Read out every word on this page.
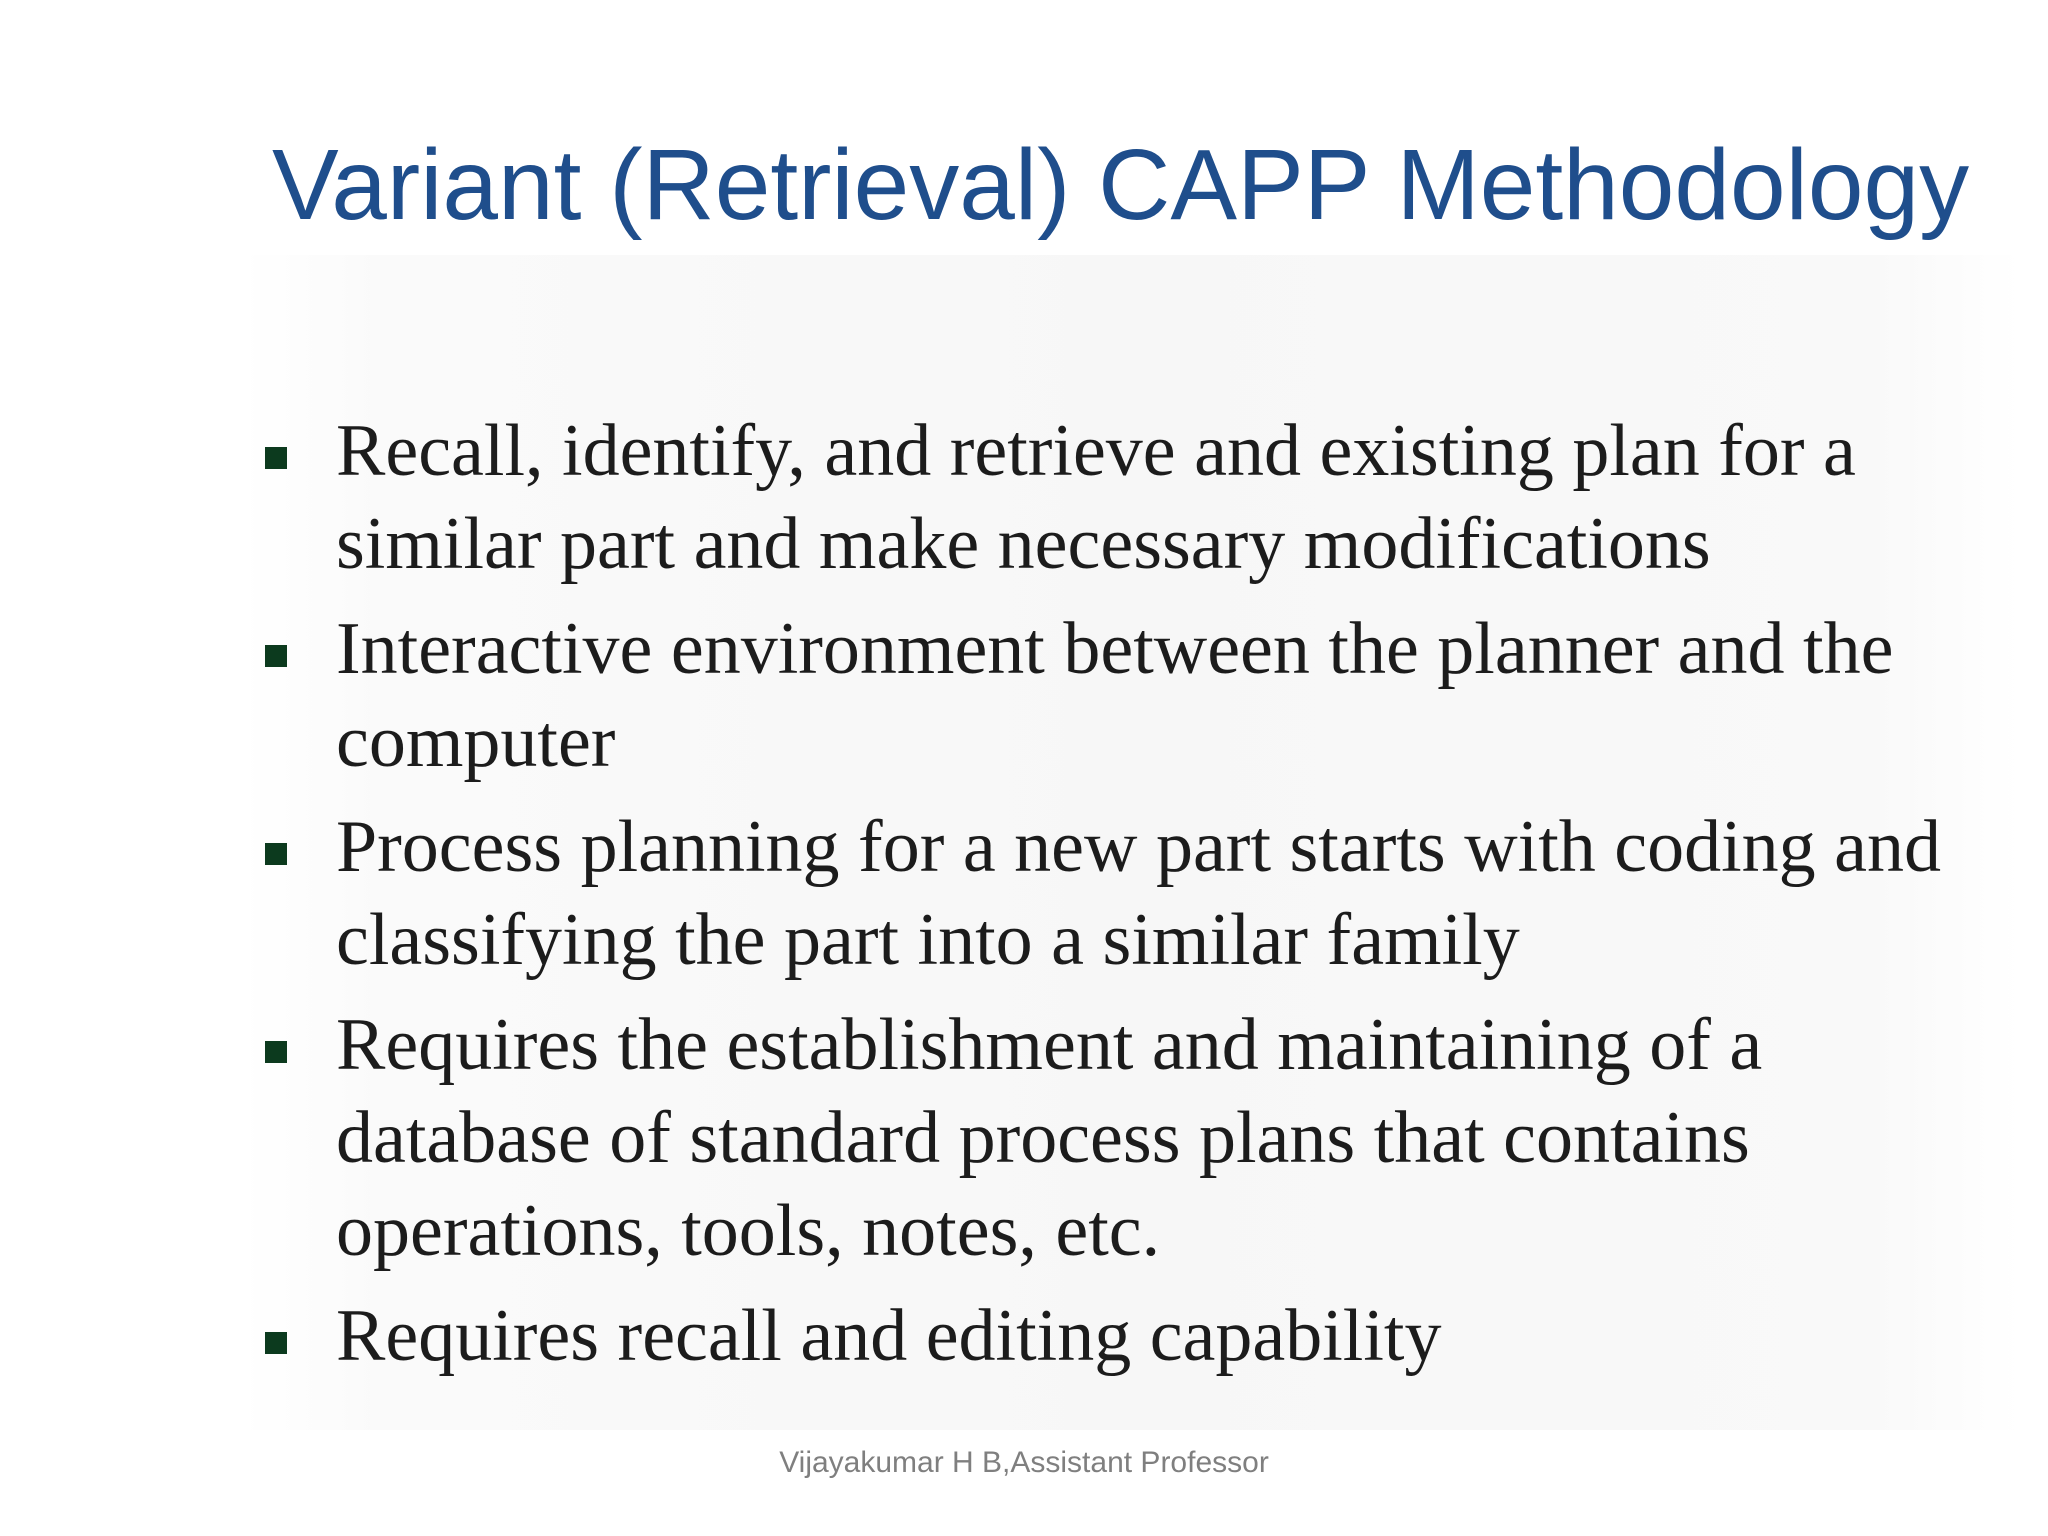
Variant (Retrieval) CAPP Methodology
Recall, identify, and retrieve and existing plan for a similar part and make necessary modifications
Interactive environment between the planner and the computer
Process planning for a new part starts with coding and classifying the part into a similar family
Requires the establishment and maintaining of a database of standard process plans that contains operations, tools, notes, etc.
Requires recall and editing capability
Vijayakumar H B,Assistant Professor
